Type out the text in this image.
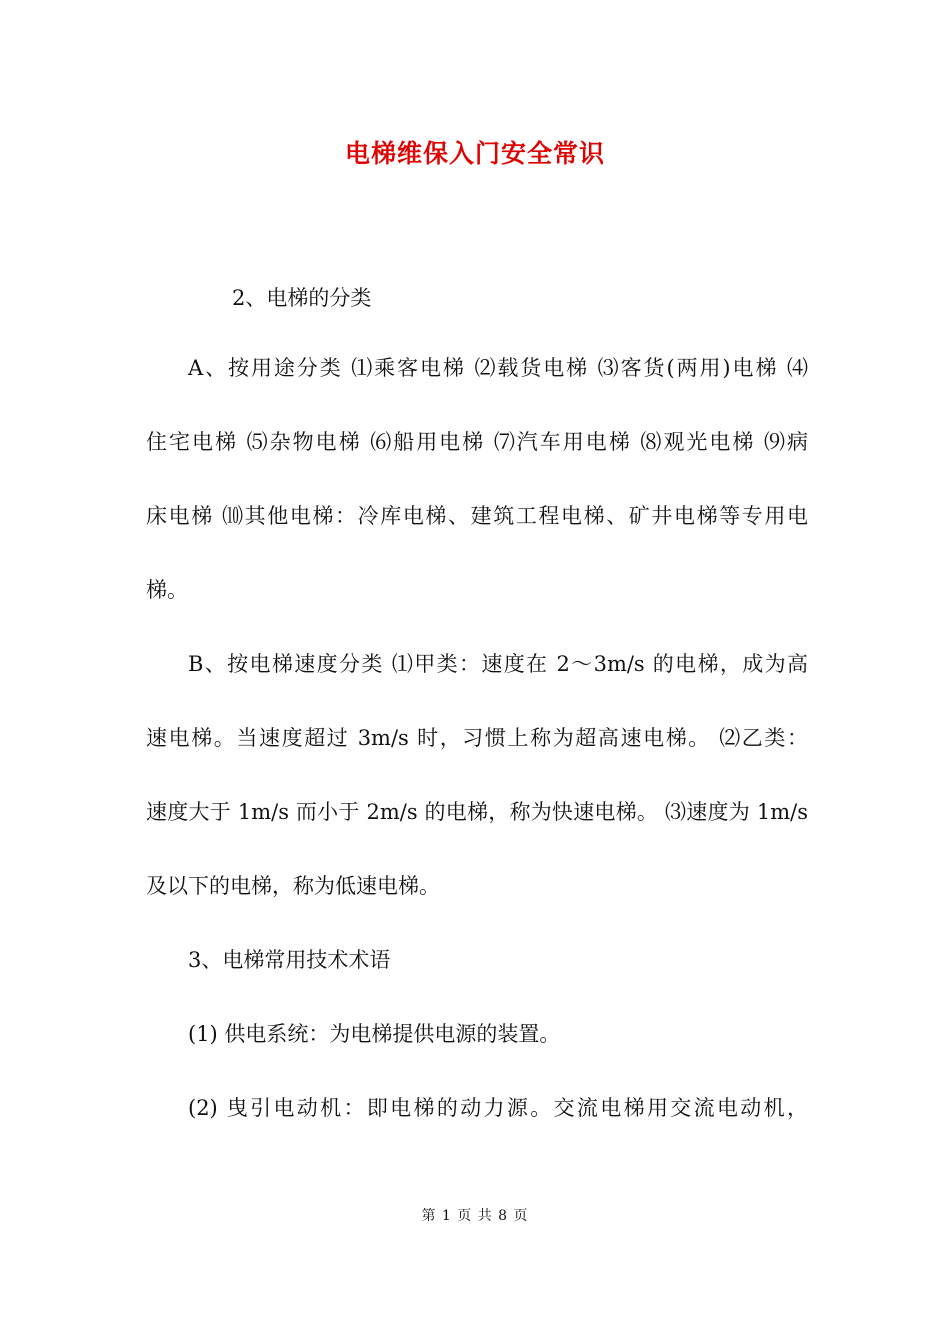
电梯维保入门安全常识
2、电梯的分类
A、按用途分类 ⑴乘客电梯 ⑵载货电梯 ⑶客货(两用)电梯 ⑷
住宅电梯 ⑸杂物电梯 ⑹船用电梯 ⑺汽车用电梯 ⑻观光电梯 ⑼病
床电梯 ⑽其他电梯：冷库电梯、建筑工程电梯、矿井电梯等专用电
梯。
B、按电梯速度分类 ⑴甲类：速度在 2～3m/s 的电梯，成为高
速电梯。当速度超过 3m/s 时，习惯上称为超高速电梯。 ⑵乙类：
速度大于 1m/s 而小于 2m/s 的电梯，称为快速电梯。 ⑶速度为 1m/s
及以下的电梯，称为低速电梯。
3、电梯常用技术术语
(1) 供电系统：为电梯提供电源的装置。
(2) 曳引电动机：即电梯的动力源。交流电梯用交流电动机，
第 1 页 共 8 页
